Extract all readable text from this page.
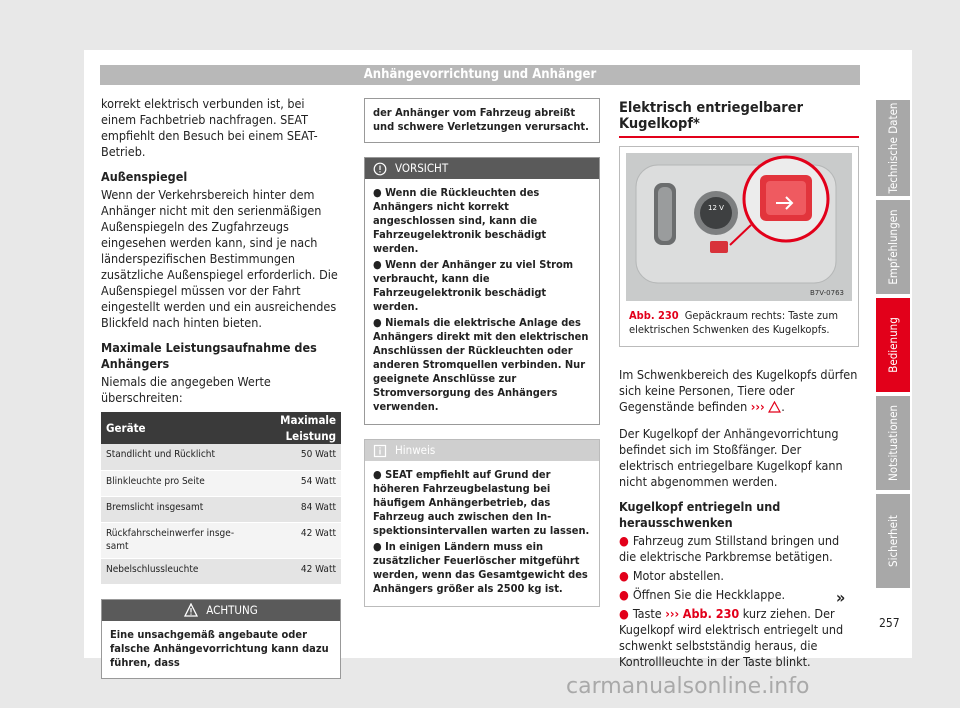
Anhängevorrichtung und Anhänger

korrekt elektrisch verbunden ist, bei einem Fachbetrieb nachfragen. SEAT empfiehlt den Besuch bei einem SEAT-Betrieb.

Außenspiegel

Wenn der Verkehrsbereich hinter dem Anhänger nicht mit den serienmäßigen Außenspiegeln des Zugfahrzeugs eingesehen werden kann, sind je nach länderspezifischen Bestimmungen zusätzliche Außenspiegel erforderlich. Die Außenspiegel müssen vor der Fahrt eingestellt werden und ein ausreichendes Blickfeld nach hinten bieten.

Maximale Leistungsaufnahme des Anhängers

Niemals die angegeben Werte überschreiten:

Geräte	Maximale Leistung
Standlicht und Rücklicht	50 Watt
Blinkleuchte pro Seite	54 Watt
Bremslicht insgesamt	84 Watt
Rückfahrscheinwerfer insgesamt	42 Watt
Nebelschlussleuchte	42 Watt
ACHTUNG
Eine unsachgemäß angebaute oder falsche Anhängevorrichtung kann dazu führen, dass
der Anhänger vom Fahrzeug abreißt und schwere Verletzungen verursacht.
VORSICHT
● Wenn die Rückleuchten des Anhängers nicht korrekt angeschlossen sind, kann die Fahrzeugelektronik beschädigt werden.
● Wenn der Anhänger zu viel Strom verbraucht, kann die Fahrzeugelektronik beschädigt werden.
● Niemals die elektrische Anlage des Anhängers direkt mit den elektrischen Anschlüssen der Rückleuchten oder anderen Stromquellen verbinden. Nur geeignete Anschlüsse zur Stromversorgung des Anhängers verwenden.
Hinweis
● SEAT empfiehlt auf Grund der höheren Fahrzeugbelastung bei häufigem Anhängerbetrieb, das Fahrzeug auch zwischen den Inspektionsintervallen warten zu lassen.
● In einigen Ländern muss ein zusätzlicher Feuerlöscher mitgeführt werden, wenn das Gesamtgewicht des Anhängers größer als 2500 kg ist.
Elektrisch entriegelbarer Kugelkopf*
12 V
B7V-0763
Abb. 230 Gepäckraum rechts: Taste zum elektrischen Schwenken des Kugelkopfs.

Im Schwenkbereich des Kugelkopfs dürfen sich keine Personen, Tiere oder Gegenstände befinden ››› .

Der Kugelkopf der Anhängevorrichtung befindet sich im Stoßfänger. Der elektrisch entriegelbare Kugelkopf kann nicht abgenommen werden.

Kugelkopf entriegeln und herausschwenken
● Fahrzeug zum Stillstand bringen und die elektrische Parkbremse betätigen.
● Motor abstellen.
● Öffnen Sie die Heckklappe.
● Taste ››› Abb. 230 kurz ziehen. Der Kugelkopf wird elektrisch entriegelt und schwenkt selbstständig heraus, die Kontrollleuchte in der Taste blinkt.
»
Technische Daten
Empfehlungen
Bedienung
Notsituationen
Sicherheit
257
carmanualsonline.info
